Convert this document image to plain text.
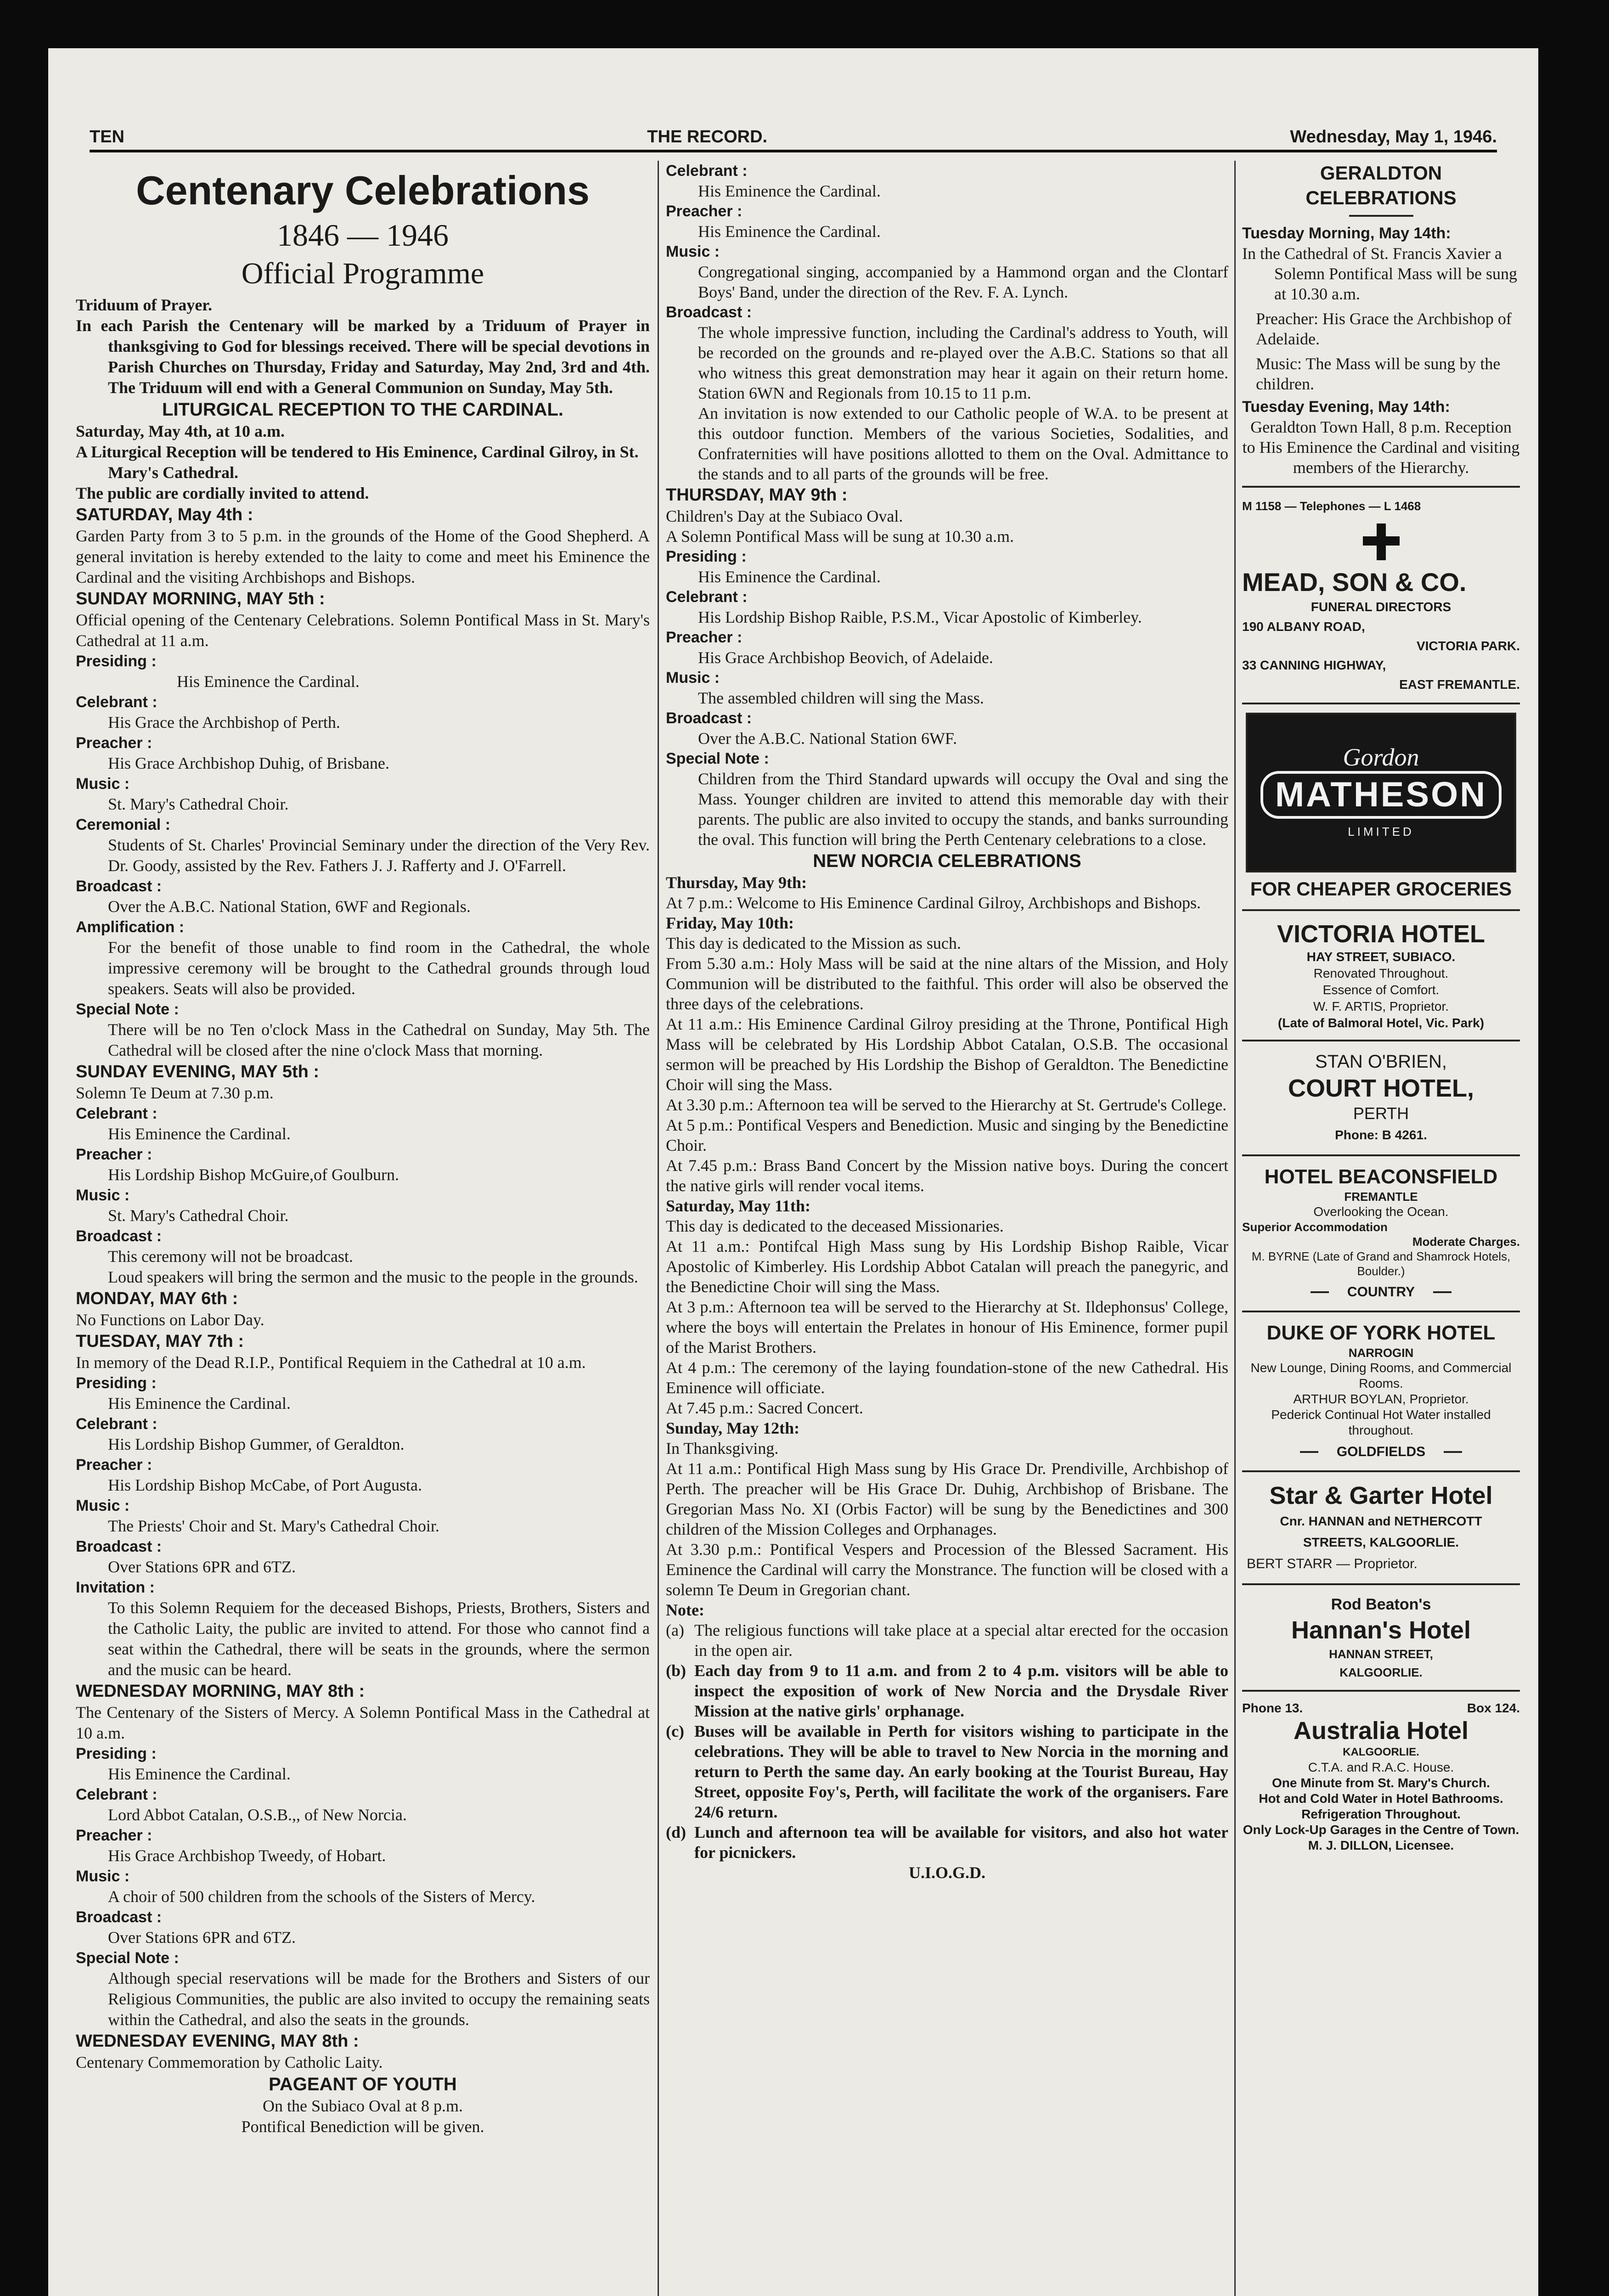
TEN	THE RECORD.	Wednesday, May 1, 1946.
Centenary Celebrations
1846 — 1946
Official Programme
Triduum of Prayer.
In each Parish the Centenary will be marked by a Triduum of Prayer in thanksgiving to God for blessings received. There will be special devotions in Parish Churches on Thursday, Friday and Saturday, May 2nd, 3rd and 4th. The Triduum will end with a General Communion on Sunday, May 5th.
LITURGICAL RECEPTION TO THE CARDINAL.
Saturday, May 4th, at 10 a.m.
A Liturgical Reception will be tendered to His Eminence, Cardinal Gilroy, in St. Mary's Cathedral.
The public are cordially invited to attend.
SATURDAY, May 4th :
Garden Party from 3 to 5 p.m. in the grounds of the Home of the Good Shepherd. A general invitation is hereby extended to the laity to come and meet his Eminence the Cardinal and the visiting Archbishops and Bishops.
SUNDAY MORNING, MAY 5th :
Official opening of the Centenary Celebrations. Solemn Pontifical Mass in St. Mary's Cathedral at 11 a.m.
Presiding :
His Eminence the Cardinal.
Celebrant :
His Grace the Archbishop of Perth.
Preacher :
His Grace Archbishop Duhig, of Brisbane.
Music :
St. Mary's Cathedral Choir.
Ceremonial :
Students of St. Charles' Provincial Seminary under the direction of the Very Rev. Dr. Goody, assisted by the Rev. Fathers J. J. Rafferty and J. O'Farrell.
Broadcast :
Over the A.B.C. National Station, 6WF and Regionals.
Amplification :
For the benefit of those unable to find room in the Cathedral, the whole impressive ceremony will be brought to the Cathedral grounds through loud speakers. Seats will also be provided.
Special Note :
There will be no Ten o'clock Mass in the Cathedral on Sunday, May 5th. The Cathedral will be closed after the nine o'clock Mass that morning.
SUNDAY EVENING, MAY 5th :
Solemn Te Deum at 7.30 p.m.
Celebrant :
His Eminence the Cardinal.
Preacher :
His Lordship Bishop McGuire,of Goulburn.
Music :
St. Mary's Cathedral Choir.
Broadcast :
This ceremony will not be broadcast.
Loud speakers will bring the sermon and the music to the people in the grounds.
MONDAY, MAY 6th :
No Functions on Labor Day.
TUESDAY, MAY 7th :
In memory of the Dead R.I.P., Pontifical Requiem in the Cathedral at 10 a.m.
Presiding :
His Eminence the Cardinal.
Celebrant :
His Lordship Bishop Gummer, of Geraldton.
Preacher :
His Lordship Bishop McCabe, of Port Augusta.
Music :
The Priests' Choir and St. Mary's Cathedral Choir.
Broadcast :
Over Stations 6PR and 6TZ.
Invitation :
To this Solemn Requiem for the deceased Bishops, Priests, Brothers, Sisters and the Catholic Laity, the public are invited to attend. For those who cannot find a seat within the Cathedral, there will be seats in the grounds, where the sermon and the music can be heard.
WEDNESDAY MORNING, MAY 8th :
The Centenary of the Sisters of Mercy. A Solemn Pontifical Mass in the Cathedral at 10 a.m.
Presiding :
His Eminence the Cardinal.
Celebrant :
Lord Abbot Catalan, O.S.B.,, of New Norcia.
Preacher :
His Grace Archbishop Tweedy, of Hobart.
Music :
A choir of 500 children from the schools of the Sisters of Mercy.
Broadcast :
Over Stations 6PR and 6TZ.
Special Note :
Although special reservations will be made for the Brothers and Sisters of our Religious Communities, the public are also invited to occupy the remaining seats within the Cathedral, and also the seats in the grounds.
WEDNESDAY EVENING, MAY 8th :
Centenary Commemoration by Catholic Laity.
PAGEANT OF YOUTH
On the Subiaco Oval at 8 p.m.
Pontifical Benediction will be given.
Celebrant :
His Eminence the Cardinal.
Preacher :
His Eminence the Cardinal.
Music :
Congregational singing, accompanied by a Hammond organ and the Clontarf Boys' Band, under the direction of the Rev. F. A. Lynch.
Broadcast :
The whole impressive function, including the Cardinal's address to Youth, will be recorded on the grounds and re-played over the A.B.C. Stations so that all who witness this great demonstration may hear it again on their return home. Station 6WN and Regionals from 10.15 to 11 p.m.
An invitation is now extended to our Catholic people of W.A. to be present at this outdoor function. Members of the various Societies, Sodalities, and Confraternities will have positions allotted to them on the Oval. Admittance to the stands and to all parts of the grounds will be free.
THURSDAY, MAY 9th :
Children's Day at the Subiaco Oval.
A Solemn Pontifical Mass will be sung at 10.30 a.m.
Presiding :
His Eminence the Cardinal.
Celebrant :
His Lordship Bishop Raible, P.S.M., Vicar Apostolic of Kimberley.
Preacher :
His Grace Archbishop Beovich, of Adelaide.
Music :
The assembled children will sing the Mass.
Broadcast :
Over the A.B.C. National Station 6WF.
Special Note :
Children from the Third Standard upwards will occupy the Oval and sing the Mass. Younger children are invited to attend this memorable day with their parents. The public are also invited to occupy the stands, and banks surrounding the oval. This function will bring the Perth Centenary celebrations to a close.
NEW NORCIA CELEBRATIONS
Thursday, May 9th:
At 7 p.m.: Welcome to His Eminence Cardinal Gilroy, Archbishops and Bishops.
Friday, May 10th:
This day is dedicated to the Mission as such.
From 5.30 a.m.: Holy Mass will be said at the nine altars of the Mission, and Holy Communion will be distributed to the faithful. This order will also be observed the three days of the celebrations.
At 11 a.m.: His Eminence Cardinal Gilroy presiding at the Throne, Pontifical High Mass will be celebrated by His Lordship Abbot Catalan, O.S.B. The occasional sermon will be preached by His Lordship the Bishop of Geraldton. The Benedictine Choir will sing the Mass.
At 3.30 p.m.: Afternoon tea will be served to the Hierarchy at St. Gertrude's College.
At 5 p.m.: Pontifical Vespers and Benediction. Music and singing by the Benedictine Choir.
At 7.45 p.m.: Brass Band Concert by the Mission native boys. During the concert the native girls will render vocal items.
Saturday, May 11th:
This day is dedicated to the deceased Missionaries.
At 11 a.m.: Pontifcal High Mass sung by His Lordship Bishop Raible, Vicar Apostolic of Kimberley. His Lordship Abbot Catalan will preach the panegyric, and the Benedictine Choir will sing the Mass.
At 3 p.m.: Afternoon tea will be served to the Hierarchy at St. Ildephonsus' College, where the boys will entertain the Prelates in honour of His Eminence, former pupil of the Marist Brothers.
At 4 p.m.: The ceremony of the laying foundation-stone of the new Cathedral. His Eminence will officiate.
At 7.45 p.m.: Sacred Concert.
Sunday, May 12th:
In Thanksgiving.
At 11 a.m.: Pontifical High Mass sung by His Grace Dr. Prendiville, Archbishop of Perth. The preacher will be His Grace Dr. Duhig, Archbishop of Brisbane. The Gregorian Mass No. XI (Orbis Factor) will be sung by the Benedictines and 300 children of the Mission Colleges and Orphanages.
At 3.30 p.m.: Pontifical Vespers and Procession of the Blessed Sacrament. His Eminence the Cardinal will carry the Monstrance. The function will be closed with a solemn Te Deum in Gregorian chant.
Note:
(a) The religious functions will take place at a special altar erected for the occasion in the open air.
(b) Each day from 9 to 11 a.m. and from 2 to 4 p.m. visitors will be able to inspect the exposition of work of New Norcia and the Drysdale River Mission at the native girls' orphanage.
(c) Buses will be available in Perth for visitors wishing to participate in the celebrations. They will be able to travel to New Norcia in the morning and return to Perth the same day. An early booking at the Tourist Bureau, Hay Street, opposite Foy's, Perth, will facilitate the work of the organisers. Fare 24/6 return.
(d) Lunch and afternoon tea will be available for visitors, and also hot water for picnickers.
U.I.O.G.D.
GERALDTON
CELEBRATIONS
Tuesday Morning, May 14th:
In the Cathedral of St. Francis Xavier a Solemn Pontifical Mass will be sung at 10.30 a.m.
Preacher: His Grace the Archbishop of Adelaide.
Music: The Mass will be sung by the children.
Tuesday Evening, May 14th:
Geraldton Town Hall, 8 p.m. Reception to His Eminence the Cardinal and visiting members of the Hierarchy.
M 1158 — Telephones — L 1468
MEAD, SON & CO.
FUNERAL DIRECTORS
190 ALBANY ROAD,
VICTORIA PARK.
33 CANNING HIGHWAY,
EAST FREMANTLE.
Gordon
MATHESON
LIMITED
FOR CHEAPER GROCERIES
VICTORIA HOTEL
HAY STREET, SUBIACO.
Renovated Throughout.
Essence of Comfort.
W. F. ARTIS, Proprietor.
(Late of Balmoral Hotel, Vic. Park)
STAN O'BRIEN,
COURT HOTEL,
PERTH
Phone: B 4261.
HOTEL BEACONSFIELD
FREMANTLE
Overlooking the Ocean.
Superior Accommodation
Moderate Charges.
M. BYRNE (Late of Grand and Shamrock Hotels, Boulder.)
COUNTRY
DUKE OF YORK HOTEL
NARROGIN
New Lounge, Dining Rooms, and Commercial Rooms.
ARTHUR BOYLAN, Proprietor.
Pederick Continual Hot Water installed throughout.
GOLDFIELDS
Star & Garter Hotel
Cnr. HANNAN and NETHERCOTT
STREETS, KALGOORLIE.
BERT STARR — Proprietor.
Rod Beaton's
Hannan's Hotel
HANNAN STREET,
KALGOORLIE.
Phone 13.	Box 124.
Australia Hotel
KALGOORLIE.
C.T.A. and R.A.C. House.
One Minute from St. Mary's Church.
Hot and Cold Water in Hotel Bathrooms.
Refrigeration Throughout.
Only Lock-Up Garages in the Centre of Town.
M. J. DILLON, Licensee.
